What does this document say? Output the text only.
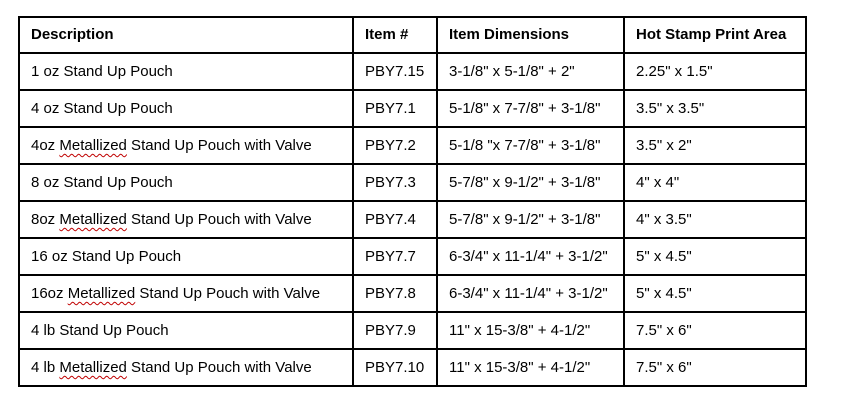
Description	Item #	Item Dimensions	Hot Stamp Print Area
1 oz Stand Up Pouch	PBY7.15	3-1/8" x 5-1/8" + 2"	2.25" x 1.5"
4 oz Stand Up Pouch	PBY7.1	5-1/8" x 7-7/8" + 3-1/8"	3.5" x 3.5"
4oz Metallized Stand Up Pouch with Valve	PBY7.2	5-1/8 "x 7-7/8" + 3-1/8"	3.5" x 2"
8 oz Stand Up Pouch	PBY7.3	5-7/8" x 9-1/2" + 3-1/8"	4" x 4"
8oz Metallized Stand Up Pouch with Valve	PBY7.4	5-7/8" x 9-1/2" + 3-1/8"	4" x 3.5"
16 oz Stand Up Pouch	PBY7.7	6-3/4" x 11-1/4" + 3-1/2"	5" x 4.5"
16oz Metallized Stand Up Pouch with Valve	PBY7.8	6-3/4" x 11-1/4" + 3-1/2"	5" x 4.5"
4 lb Stand Up Pouch	PBY7.9	11" x 15-3/8" + 4-1/2"	7.5" x 6"
4 lb Metallized Stand Up Pouch with Valve	PBY7.10	11" x 15-3/8" + 4-1/2"	7.5" x 6"
